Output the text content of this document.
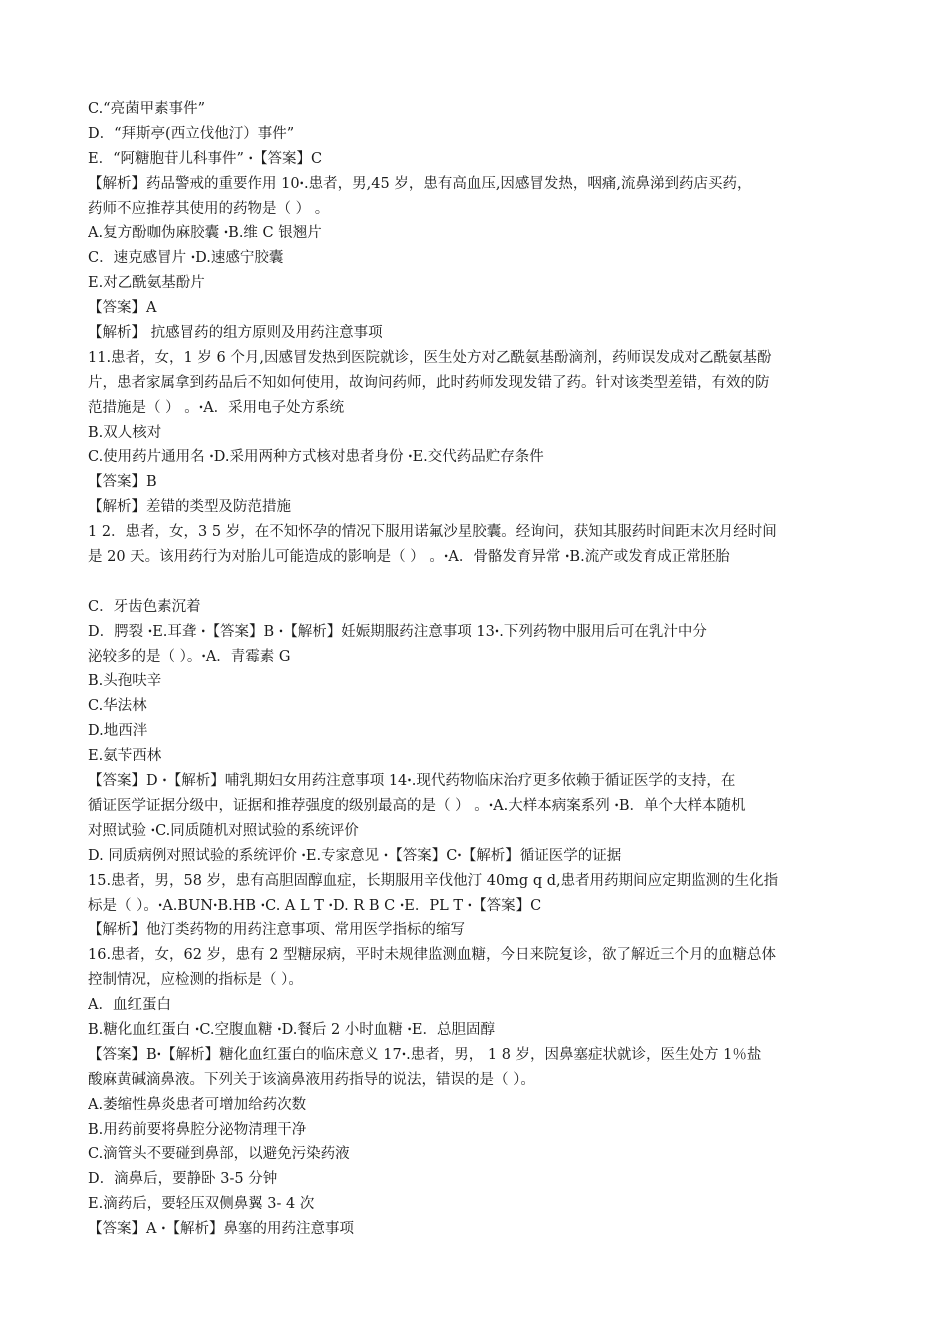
C.“亮菌甲素事件”
D．“拜斯亭(西立伐他汀）事件”
E．“阿糖胞苷儿科事件” ‪ꞏ【答案】C
【解析】药品警戒的重要作用 10ꞏ.患者，男,45 岁，患有高血压,因感冒发热，咽痛,流鼻涕到药店买药，
药师不应推荐其使用的药物是（ ） 。
A.复方酚咖伪麻胶囊 ꞏB.维 C 银翘片
C．速克感冒片 ꞏD.速感宁胶囊
E.对乙酰氨基酚片
【答案】A
【解析】 抗感冒药的组方原则及用药注意事项
11.患者，女，1 岁 6 个月,因感冒发热到医院就诊，医生处方对乙酰氨基酚滴剂，药师误发成对乙酰氨基酚
片，患者家属拿到药品后不知如何使用，故询问药师，此时药师发现发错了药。针对该类型差错，有效的防
范措施是（ ） 。ꞏA．采用电子处方系统
B.双人核对
C.使用药片通用名 ꞏD.采用两种方式核对患者身份 ꞏE.交代药品贮存条件
【答案】B
【解析】差错的类型及防范措施
1 2．患者，女，3 5 岁，在不知怀孕的情况下服用诺氟沙星胶囊。经询问，获知其服药时间距末次月经时间
是 20 天。该用药行为对胎儿可能造成的影响是（ ） 。ꞏA．骨骼发育异常 ꞏB.流产或发育成正常胚胎
C．牙齿色素沉着
D．腭裂 ꞏE.耳聋 ꞏ【答案】B ꞏ【解析】妊娠期服药注意事项 13ꞏ.下列药物中服用后可在乳汁中分
泌较多的是（ ）。ꞏA．青霉素 G
B.头孢呋辛
C.华法林
D.地西泮
E.氨苄西林
【答案】D ꞏ【解析】哺乳期妇女用药注意事项 14ꞏ.现代药物临床治疗更多依赖于循证医学的支持，在
循证医学证据分级中，证据和推荐强度的级别最高的是（ ） 。ꞏA.大样本病案系列 ꞏB．单个大样本随机
对照试验 ꞏC.同质随机对照试验的系统评价
D. 同质病例对照试验的系统评价 ꞏE.专家意见 ꞏ【答案】Cꞏ【解析】循证医学的证据
15.患者，男，58 岁，患有高胆固醇血症，长期服用辛伐他汀 40mg q d,患者用药期间应定期监测的生化指
标是（ ）。ꞏA.BUNꞏB.HB ꞏC. A L T ꞏD. R B C ꞏE．PL T ꞏ【答案】C
【解析】他汀类药物的用药注意事项、常用医学指标的缩写
16.患者，女，62 岁，患有 2 型糖尿病，平时未规律监测血糖，今日来院复诊，欲了解近三个月的血糖总体
控制情况，应检测的指标是（ ）。
A．血红蛋白
B.糖化血红蛋白 ꞏC.空腹血糖 ꞏD.餐后 2 小时血糖 ꞏE．总胆固醇
【答案】Bꞏ【解析】糖化血红蛋白的临床意义 17ꞏ.患者，男， 1 8 岁，因鼻塞症状就诊，医生处方 1％盐
酸麻黄碱滴鼻液。下列关于该滴鼻液用药指导的说法，错误的是（ ）。
A.萎缩性鼻炎患者可增加给药次数
B.用药前要将鼻腔分泌物清理干净
C.滴管头不要碰到鼻部，以避免污染药液
D．滴鼻后，要静卧 3-5 分钟
E.滴药后，要轻压双侧鼻翼 3- 4 次
【答案】A ꞏ【解析】鼻塞的用药注意事项
